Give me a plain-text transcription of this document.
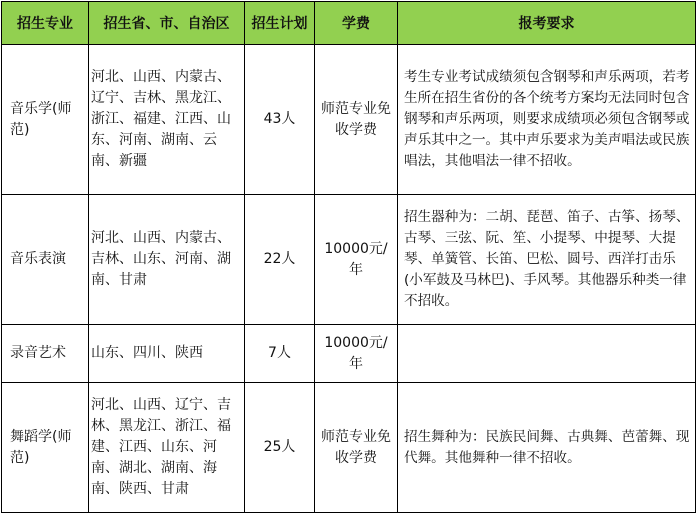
招生专业	招生省、市、自治区	招生计划	学费	报考要求
音乐学(师范)	河北、山西、内蒙古、辽宁、吉林、黑龙江、浙江、福建、江西、山东、河南、湖南、云南、新疆	43人	师范专业免收学费	考生专业考试成绩须包含钢琴和声乐两项，若考生所在招生省份的各个统考方案均无法同时包含钢琴和声乐两项，则要求成绩项必须包含钢琴或声乐其中之一。其中声乐要求为美声唱法或民族唱法，其他唱法一律不招收。
音乐表演	河北、山西、内蒙古、吉林、山东、河南、湖南、甘肃	22人	10000元/年	招生器种为：二胡、琵琶、笛子、古筝、扬琴、古琴、三弦、阮、笙、小提琴、中提琴、大提琴、单簧管、长笛、巴松、圆号、西洋打击乐(小军鼓及马林巴)、手风琴。其他器乐种类一律不招收。
录音艺术	山东、四川、陕西	7人	10000元/年	
舞蹈学(师范)	河北、山西、辽宁、吉林、黑龙江、浙江、福建、江西、山东、河南、湖北、湖南、海南、陕西、甘肃	25人	师范专业免收学费	招生舞种为：民族民间舞、古典舞、芭蕾舞、现代舞。其他舞种一律不招收。
